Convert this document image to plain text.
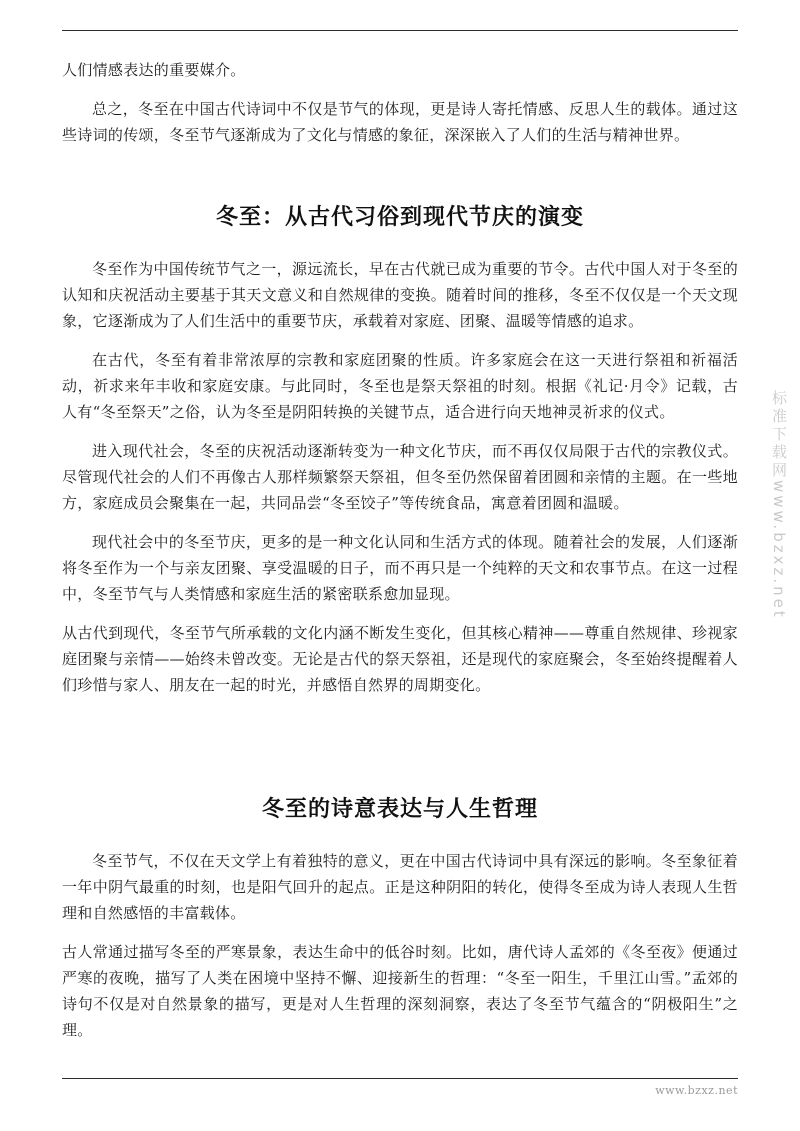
人们情感表达的重要媒介。

总之，冬至在中国古代诗词中不仅是节气的体现，更是诗人寄托情感、反思人生的载体。通过这些诗词的传颂，冬至节气逐渐成为了文化与情感的象征，深深嵌入了人们的生活与精神世界。

冬至：从古代习俗到现代节庆的演变

冬至作为中国传统节气之一，源远流长，早在古代就已成为重要的节令。古代中国人对于冬至的认知和庆祝活动主要基于其天文意义和自然规律的变换。随着时间的推移，冬至不仅仅是一个天文现象，它逐渐成为了人们生活中的重要节庆，承载着对家庭、团聚、温暖等情感的追求。

在古代，冬至有着非常浓厚的宗教和家庭团聚的性质。许多家庭会在这一天进行祭祖和祈福活动，祈求来年丰收和家庭安康。与此同时，冬至也是祭天祭祖的时刻。根据《礼记·月令》记载，古人有“冬至祭天”之俗，认为冬至是阴阳转换的关键节点，适合进行向天地神灵祈求的仪式。

进入现代社会，冬至的庆祝活动逐渐转变为一种文化节庆，而不再仅仅局限于古代的宗教仪式。尽管现代社会的人们不再像古人那样频繁祭天祭祖，但冬至仍然保留着团圆和亲情的主题。在一些地方，家庭成员会聚集在一起，共同品尝“冬至饺子”等传统食品，寓意着团圆和温暖。

现代社会中的冬至节庆，更多的是一种文化认同和生活方式的体现。随着社会的发展，人们逐渐将冬至作为一个与亲友团聚、享受温暖的日子，而不再只是一个纯粹的天文和农事节点。在这一过程中，冬至节气与人类情感和家庭生活的紧密联系愈加显现。

从古代到现代，冬至节气所承载的文化内涵不断发生变化，但其核心精神——尊重自然规律、珍视家庭团聚与亲情——始终未曾改变。无论是古代的祭天祭祖，还是现代的家庭聚会，冬至始终提醒着人们珍惜与家人、朋友在一起的时光，并感悟自然界的周期变化。

冬至的诗意表达与人生哲理

冬至节气，不仅在天文学上有着独特的意义，更在中国古代诗词中具有深远的影响。冬至象征着一年中阴气最重的时刻，也是阳气回升的起点。正是这种阴阳的转化，使得冬至成为诗人表现人生哲理和自然感悟的丰富载体。

古人常通过描写冬至的严寒景象，表达生命中的低谷时刻。比如，唐代诗人孟郊的《冬至夜》便通过严寒的夜晚，描写了人类在困境中坚持不懈、迎接新生的哲理：“冬至一阳生，千里江山雪。”孟郊的诗句不仅是对自然景象的描写，更是对人生哲理的深刻洞察，表达了冬至节气蕴含的“阴极阳生”之理。

www.bzxz.net
标准下载网www.bzxz.net
